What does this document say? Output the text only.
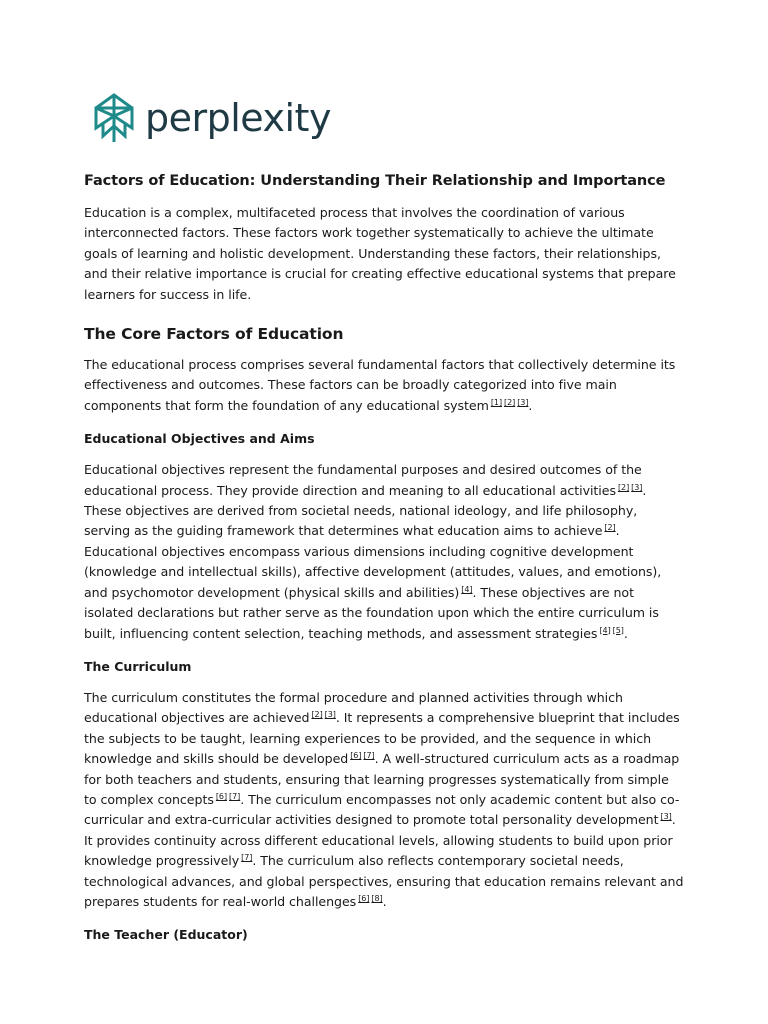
perplexity
Factors of Education: Understanding Their Relationship and Importance

Education is a complex, multifaceted process that involves the coordination of various interconnected factors. These factors work together systematically to achieve the ultimate goals of learning and holistic development. Understanding these factors, their relationships, and their relative importance is crucial for creating effective educational systems that prepare learners for success in life.

The Core Factors of Education

The educational process comprises several fundamental factors that collectively determine its effectiveness and outcomes. These factors can be broadly categorized into five main components that form the foundation of any educational system [1] [2] [3].

Educational Objectives and Aims

Educational objectives represent the fundamental purposes and desired outcomes of the educational process. They provide direction and meaning to all educational activities [2] [3]. These objectives are derived from societal needs, national ideology, and life philosophy, serving as the guiding framework that determines what education aims to achieve [2]. Educational objectives encompass various dimensions including cognitive development (knowledge and intellectual skills), affective development (attitudes, values, and emotions), and psychomotor development (physical skills and abilities) [4]. These objectives are not isolated declarations but rather serve as the foundation upon which the entire curriculum is built, influencing content selection, teaching methods, and assessment strategies [4] [5].

The Curriculum

The curriculum constitutes the formal procedure and planned activities through which educational objectives are achieved [2] [3]. It represents a comprehensive blueprint that includes the subjects to be taught, learning experiences to be provided, and the sequence in which knowledge and skills should be developed [6] [7]. A well-structured curriculum acts as a roadmap for both teachers and students, ensuring that learning progresses systematically from simple to complex concepts [6] [7]. The curriculum encompasses not only academic content but also co-curricular and extra-curricular activities designed to promote total personality development [3]. It provides continuity across different educational levels, allowing students to build upon prior knowledge progressively [7]. The curriculum also reflects contemporary societal needs, technological advances, and global perspectives, ensuring that education remains relevant and prepares students for real-world challenges [6] [8].

The Teacher (Educator)
